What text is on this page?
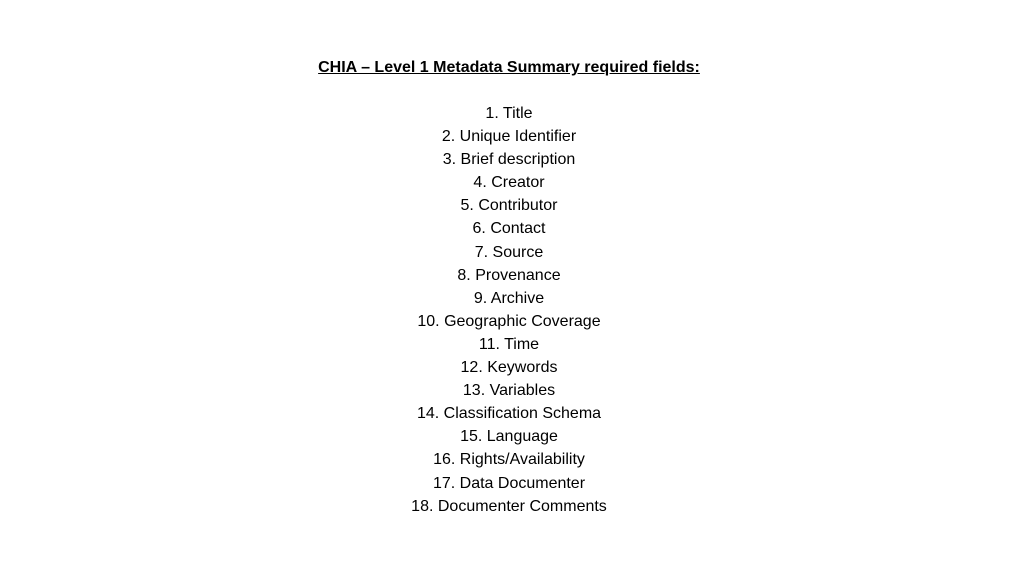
CHIA – Level 1 Metadata Summary required fields:
1. Title
2. Unique Identifier
3. Brief description
4. Creator
5. Contributor
6. Contact
7. Source
8. Provenance
9. Archive
10. Geographic Coverage
11. Time
12. Keywords
13. Variables
14. Classification Schema
15. Language
16. Rights/Availability
17. Data Documenter
18. Documenter Comments
